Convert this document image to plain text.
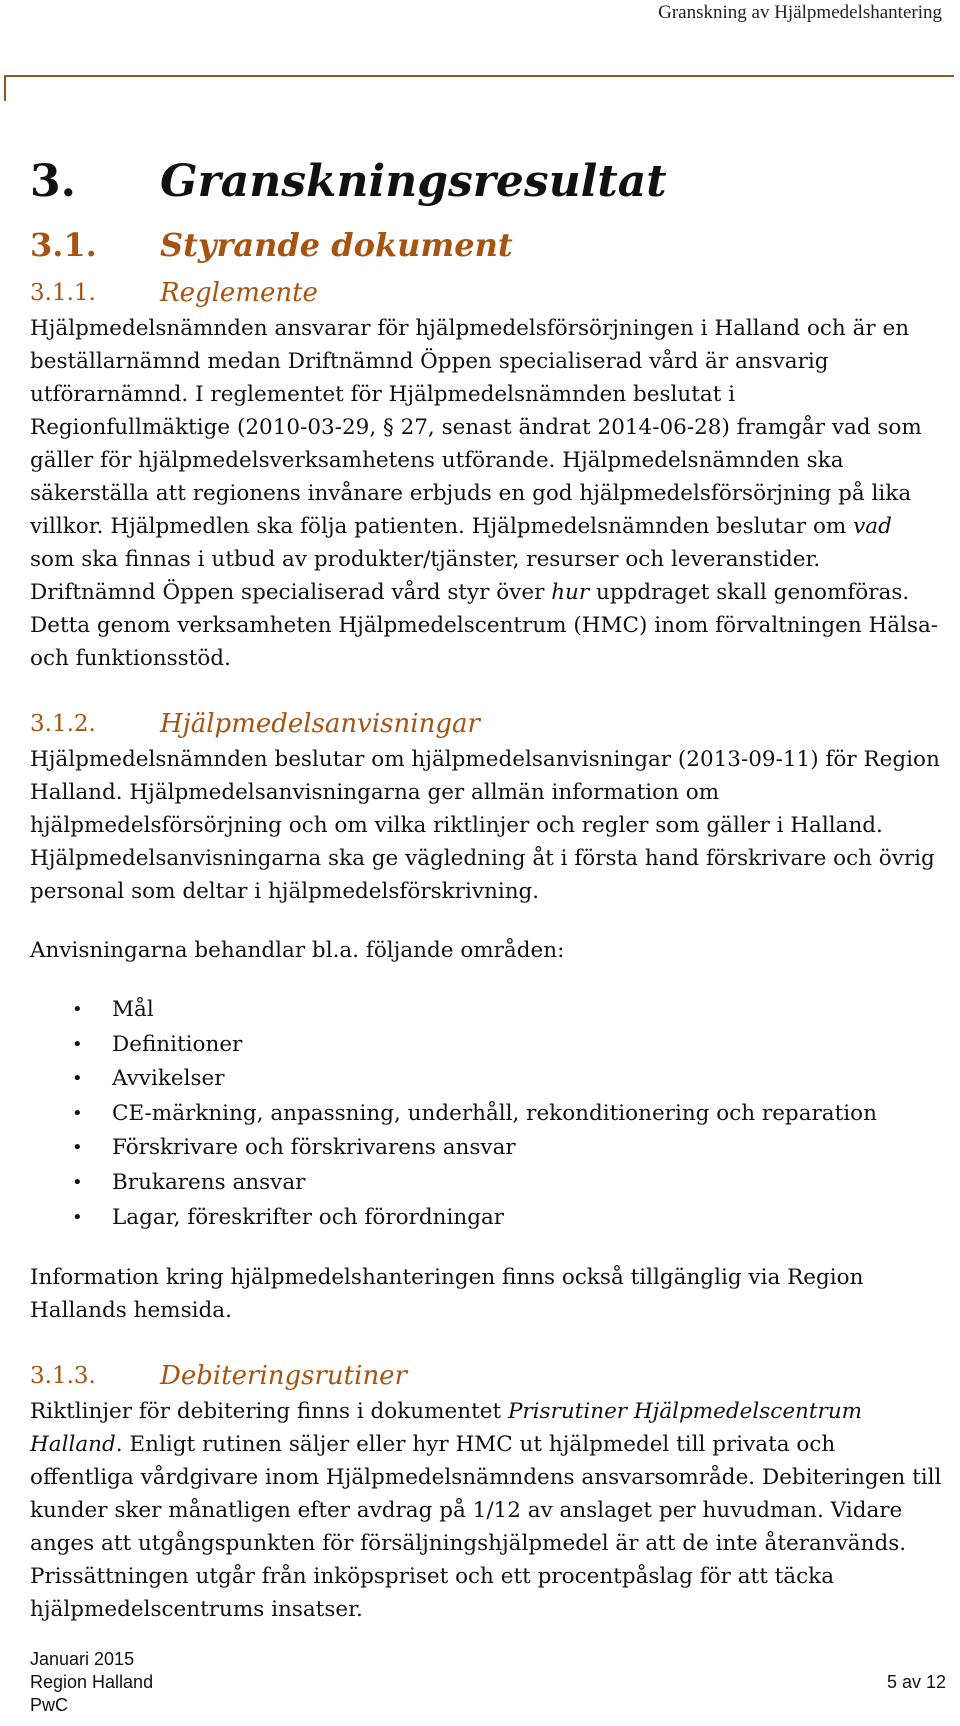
Granskning av Hjälpmedelshantering
3.	Granskningsresultat
3.1.	Styrande dokument
3.1.1.	Reglemente

Hjälpmedelsnämnden ansvarar för hjälpmedelsförsörjningen i Halland och är en beställarnämnd medan Driftnämnd Öppen specialiserad vård är ansvarig utförarnämnd. I reglementet för Hjälpmedelsnämnden beslutat i Regionfullmäktige (2010-03-29, § 27, senast ändrat 2014-06-28) framgår vad som gäller för hjälpmedelsverksamhetens utförande. Hjälpmedelsnämnden ska säkerställa att regionens invånare erbjuds en god hjälpmedelsförsörjning på lika villkor. Hjälpmedlen ska följa patienten. Hjälpmedelsnämnden beslutar om vad som ska finnas i utbud av produkter/tjänster, resurser och leveranstider. Driftnämnd Öppen specialiserad vård styr över hur uppdraget skall genomföras. Detta genom verksamheten Hjälpmedelscentrum (HMC) inom förvaltningen Hälsa- och funktionsstöd.

3.1.2.	Hjälpmedelsanvisningar

Hjälpmedelsnämnden beslutar om hjälpmedelsanvisningar (2013-09-11) för Region Halland. Hjälpmedelsanvisningarna ger allmän information om hjälpmedelsförsörjning och om vilka riktlinjer och regler som gäller i Halland. Hjälpmedelsanvisningarna ska ge vägledning åt i första hand förskrivare och övrig personal som deltar i hjälpmedelsförskrivning.

Anvisningarna behandlar bl.a. följande områden:

•	Mål
•	Definitioner
•	Avvikelser
•	CE-märkning, anpassning, underhåll, rekonditionering och reparation
•	Förskrivare och förskrivarens ansvar
•	Brukarens ansvar
•	Lagar, föreskrifter och förordningar

Information kring hjälpmedelshanteringen finns också tillgänglig via Region Hallands hemsida.

3.1.3.	Debiteringsrutiner

Riktlinjer för debitering finns i dokumentet Prisrutiner Hjälpmedelscentrum Halland. Enligt rutinen säljer eller hyr HMC ut hjälpmedel till privata och offentliga vårdgivare inom Hjälpmedelsnämndens ansvarsområde. Debiteringen till kunder sker månatligen efter avdrag på 1/12 av anslaget per huvudman. Vidare anges att utgångspunkten för försäljningshjälpmedel är att de inte återanvänds. Prissättningen utgår från inköpspriset och ett procentpåslag för att täcka hjälpmedelscentrums insatser.

Januari 2015
Region Halland
PwC
5 av 12
